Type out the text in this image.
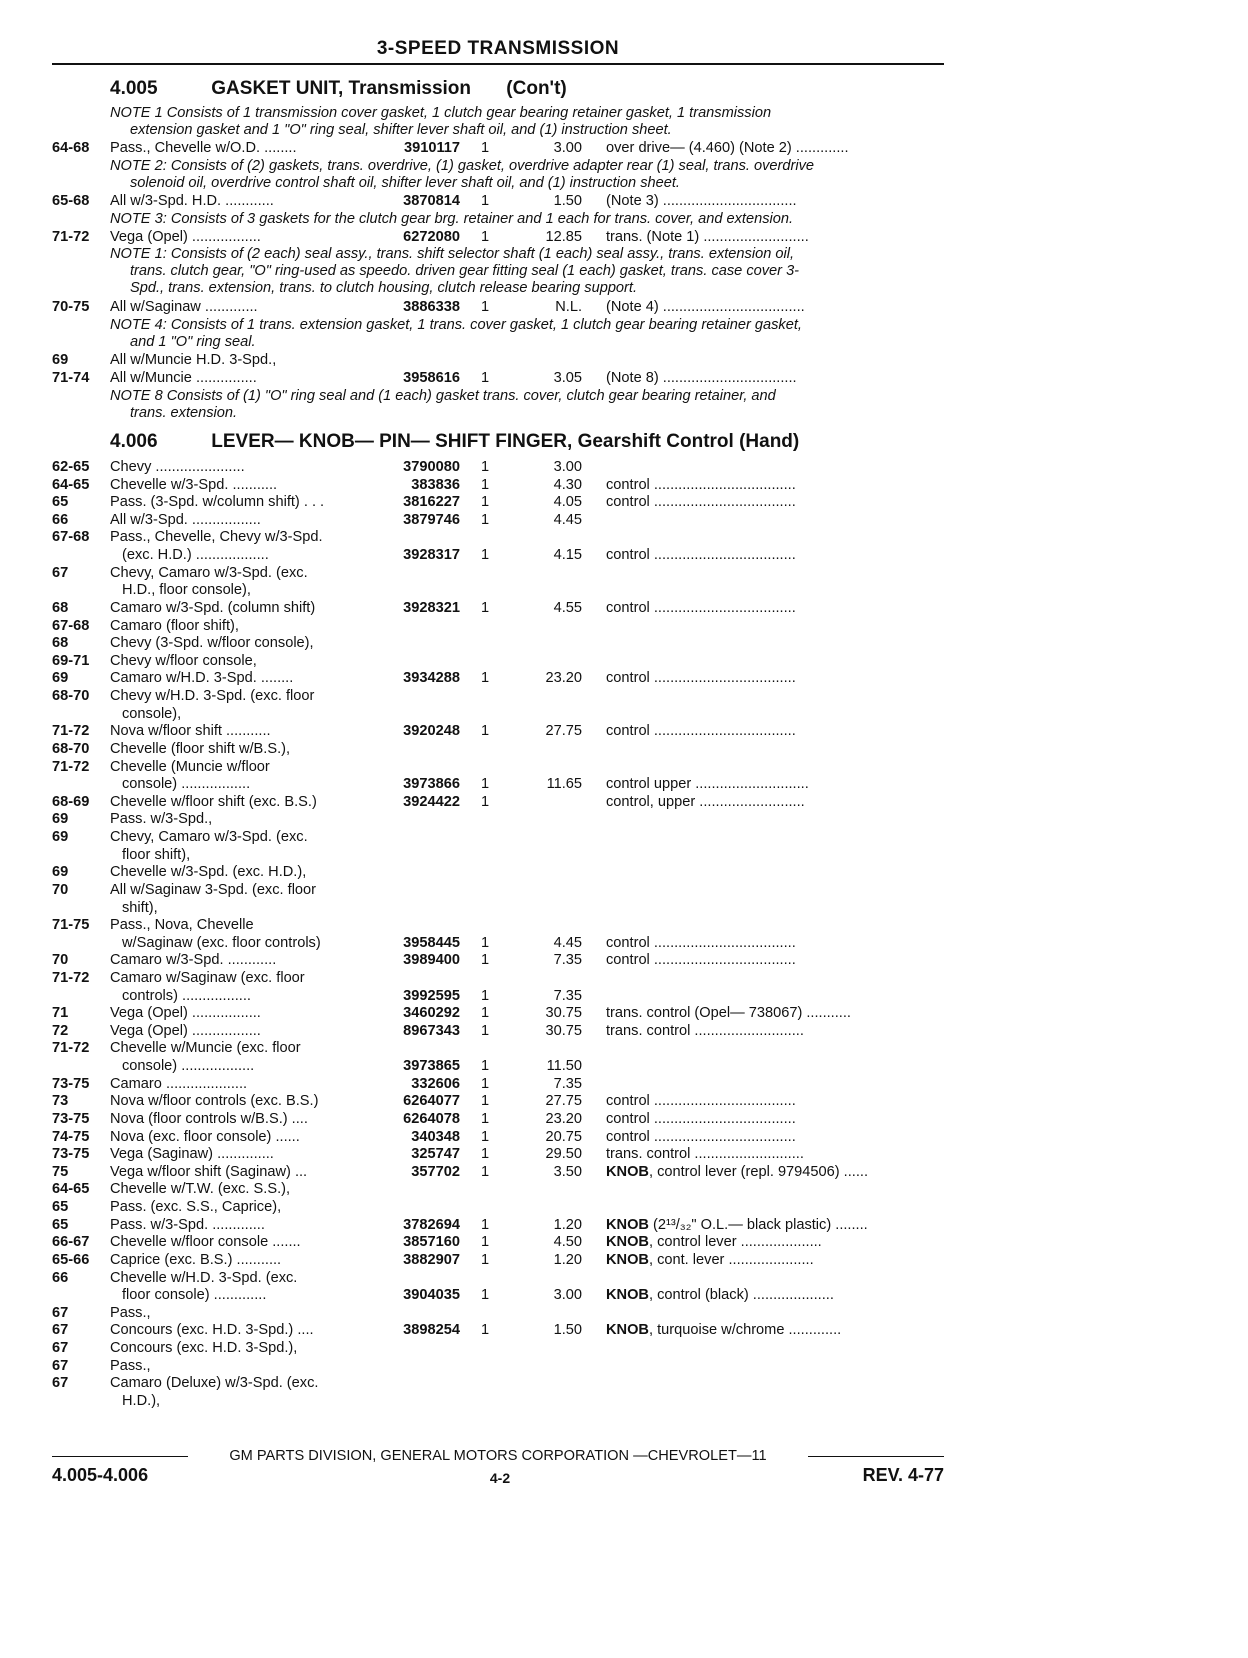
3-SPEED TRANSMISSION
4.005	GASKET UNIT, Transmission (Con't)
NOTE 1 Consists of 1 transmission cover gasket, 1 clutch gear bearing retainer gasket, 1 transmission
extension gasket and 1 "O" ring seal, shifter lever shaft oil, and (1) instruction sheet.
64-68 Pass., Chevelle w/O.D. ........	3910117 1	3.00 over drive— (4.460) (Note 2) .............
NOTE 2: Consists of (2) gaskets, trans. overdrive, (1) gasket, overdrive adapter rear (1) seal, trans. overdrive
solenoid oil, overdrive control shaft oil, shifter lever shaft oil, and (1) instruction sheet.
65-68 All w/3-Spd. H.D. ............	3870814 1	1.50 (Note 3) .................................
NOTE 3: Consists of 3 gaskets for the clutch gear brg. retainer and 1 each for trans. cover, and extension.
71-72 Vega (Opel) .................	6272080 1	12.85 trans. (Note 1) ..........................
NOTE 1: Consists of (2 each) seal assy., trans. shift selector shaft (1 each) seal assy., trans. extension oil,
trans. clutch gear, "O" ring-used as speedo. driven gear fitting seal (1 each) gasket, trans. case cover 3-
Spd., trans. extension, trans. to clutch housing, clutch release bearing support.
70-75 All w/Saginaw .............	3886338 1	N.L. (Note 4) ...................................
NOTE 4: Consists of 1 trans. extension gasket, 1 trans. cover gasket, 1 clutch gear bearing retainer gasket,
and 1 "O" ring seal.
69	All w/Muncie H.D. 3-Spd.,
71-74 All w/Muncie ...............	3958616 1	3.05 (Note 8) .................................
NOTE 8 Consists of (1) "O" ring seal and (1 each) gasket trans. cover, clutch gear bearing retainer, and
trans. extension.
4.006	LEVER— KNOB— PIN— SHIFT FINGER, Gearshift Control (Hand)
62-65 Chevy ......................	3790080 1	3.00
64-65 Chevelle w/3-Spd. ...........	383836 1	4.30 control ...................................
65	Pass. (3-Spd. w/column shift) . . .	3816227 1	4.05 control ...................................
66	All w/3-Spd. .................	3879746 1	4.45
67-68 Pass., Chevelle, Chevy w/3-Spd.
(exc. H.D.) ..................	3928317 1	4.15 control ...................................
67	Chevy, Camaro w/3-Spd. (exc.
H.D., floor console),
68	Camaro w/3-Spd. (column shift)	3928321 1	4.55 control ...................................
67-68 Camaro (floor shift),
68	Chevy (3-Spd. w/floor console),
69-71 Chevy w/floor console,
69	Camaro w/H.D. 3-Spd. ........	3934288 1	23.20 control ...................................
68-70 Chevy w/H.D. 3-Spd. (exc. floor
console),
71-72 Nova w/floor shift ...........	3920248 1	27.75 control ...................................
68-70 Chevelle (floor shift w/B.S.),
71-72 Chevelle (Muncie w/floor
console) .................	3973866 1	11.65 control upper ............................
68-69 Chevelle w/floor shift (exc. B.S.)	3924422 1	control, upper ..........................
69	Pass. w/3-Spd.,
69	Chevy, Camaro w/3-Spd. (exc.
floor shift),
69	Chevelle w/3-Spd. (exc. H.D.),
70	All w/Saginaw 3-Spd. (exc. floor
shift),
71-75 Pass., Nova, Chevelle
w/Saginaw (exc. floor controls)	3958445 1	4.45 control ...................................
70	Camaro w/3-Spd. ............	3989400 1	7.35 control ...................................
71-72 Camaro w/Saginaw (exc. floor
controls) .................	3992595 1	7.35
71	Vega (Opel) .................	3460292 1	30.75 trans. control (Opel— 738067) ...........
72	Vega (Opel) .................	8967343 1	30.75 trans. control ...........................
71-72 Chevelle w/Muncie (exc. floor
console) ..................	3973865 1	11.50
73-75 Camaro ....................	332606 1	7.35
73	Nova w/floor controls (exc. B.S.)	6264077 1	27.75 control ...................................
73-75 Nova (floor controls w/B.S.) ....	6264078 1	23.20 control ...................................
74-75 Nova (exc. floor console) ......	340348 1	20.75 control ...................................
73-75 Vega (Saginaw) ..............	325747 1	29.50 trans. control ...........................
75	Vega w/floor shift (Saginaw) ...	357702 1	3.50 KNOB, control lever (repl. 9794506) ......
64-65 Chevelle w/T.W. (exc. S.S.),
65	Pass. (exc. S.S., Caprice),
65	Pass. w/3-Spd. .............	3782694 1	1.20 KNOB (2¹³/₃₂" O.L.— black plastic) ........
66-67 Chevelle w/floor console .......	3857160 1	4.50 KNOB, control lever ....................
65-66 Caprice (exc. B.S.) ...........	3882907 1	1.20 KNOB, cont. lever .....................
66	Chevelle w/H.D. 3-Spd. (exc.
floor console) .............	3904035 1	3.00 KNOB, control (black) ....................
67	Pass.,
67	Concours (exc. H.D. 3-Spd.) ....	3898254 1	1.50 KNOB, turquoise w/chrome .............
67	Concours (exc. H.D. 3-Spd.),
67	Pass.,
67	Camaro (Deluxe) w/3-Spd. (exc.
H.D.),
GM PARTS DIVISION, GENERAL MOTORS CORPORATION —CHEVROLET—11
4.005-4.006	4-2	REV. 4-77
